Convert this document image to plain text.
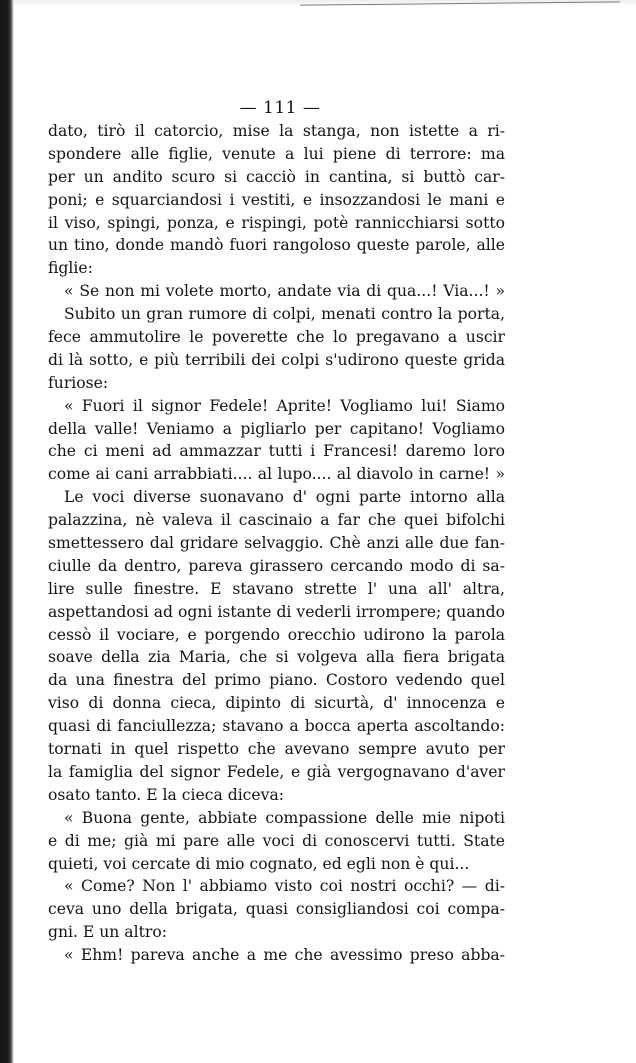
— 111 —
dato, tirò il catorcio, mise la stanga, non istette a ri-
spondere alle figlie, venute a lui piene di terrore: ma
per un andito scuro si cacciò in cantina, si buttò car-
poni; e squarciandosi i vestiti, e insozzandosi le mani e
il viso, spingi, ponza, e rispingi, potè rannicchiarsi sotto
un tino, donde mandò fuori rangoloso queste parole, alle
figlie:
« Se non mi volete morto, andate via di qua...! Via...! »
Subito un gran rumore di colpi, menati contro la porta,
fece ammutolire le poverette che lo pregavano a uscir
di là sotto, e più terribili dei colpi s'udirono queste grida
furiose:
« Fuori il signor Fedele! Aprite! Vogliamo lui! Siamo
della valle! Veniamo a pigliarlo per capitano! Vogliamo
che ci meni ad ammazzar tutti i Francesi! daremo loro
come ai cani arrabbiati.... al lupo.... al diavolo in carne! »
Le voci diverse suonavano d' ogni parte intorno alla
palazzina, nè valeva il cascinaio a far che quei bifolchi
smettessero dal gridare selvaggio. Chè anzi alle due fan-
ciulle da dentro, pareva girassero cercando modo di sa-
lire sulle finestre. E stavano strette l' una all' altra,
aspettandosi ad ogni istante di vederli irrompere; quando
cessò il vociare, e porgendo orecchio udirono la parola
soave della zia Maria, che si volgeva alla fiera brigata
da una finestra del primo piano. Costoro vedendo quel
viso di donna cieca, dipinto di sicurtà, d' innocenza e
quasi di fanciullezza; stavano a bocca aperta ascoltando:
tornati in quel rispetto che avevano sempre avuto per
la famiglia del signor Fedele, e già vergognavano d'aver
osato tanto. E la cieca diceva:
« Buona gente, abbiate compassione delle mie nipoti
e di me; già mi pare alle voci di conoscervi tutti. State
quieti, voi cercate di mio cognato, ed egli non è qui...
« Come? Non l' abbiamo visto coi nostri occhi? — di-
ceva uno della brigata, quasi consigliandosi coi compa-
gni. E un altro:
« Ehm! pareva anche a me che avessimo preso abba-
